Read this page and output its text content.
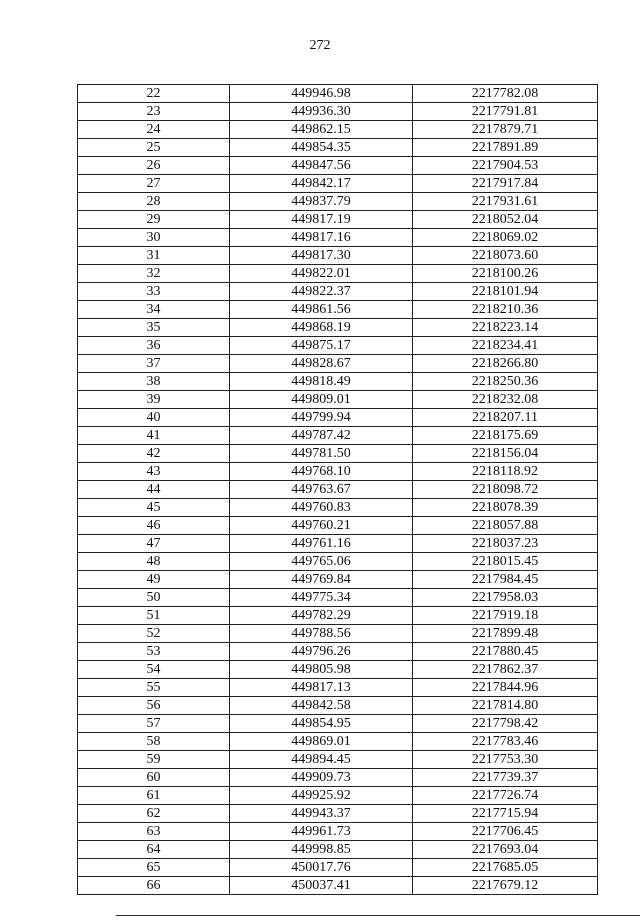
272
22	449946.98	2217782.08
23	449936.30	2217791.81
24	449862.15	2217879.71
25	449854.35	2217891.89
26	449847.56	2217904.53
27	449842.17	2217917.84
28	449837.79	2217931.61
29	449817.19	2218052.04
30	449817.16	2218069.02
31	449817.30	2218073.60
32	449822.01	2218100.26
33	449822.37	2218101.94
34	449861.56	2218210.36
35	449868.19	2218223.14
36	449875.17	2218234.41
37	449828.67	2218266.80
38	449818.49	2218250.36
39	449809.01	2218232.08
40	449799.94	2218207.11
41	449787.42	2218175.69
42	449781.50	2218156.04
43	449768.10	2218118.92
44	449763.67	2218098.72
45	449760.83	2218078.39
46	449760.21	2218057.88
47	449761.16	2218037.23
48	449765.06	2218015.45
49	449769.84	2217984.45
50	449775.34	2217958.03
51	449782.29	2217919.18
52	449788.56	2217899.48
53	449796.26	2217880.45
54	449805.98	2217862.37
55	449817.13	2217844.96
56	449842.58	2217814.80
57	449854.95	2217798.42
58	449869.01	2217783.46
59	449894.45	2217753.30
60	449909.73	2217739.37
61	449925.92	2217726.74
62	449943.37	2217715.94
63	449961.73	2217706.45
64	449998.85	2217693.04
65	450017.76	2217685.05
66	450037.41	2217679.12
